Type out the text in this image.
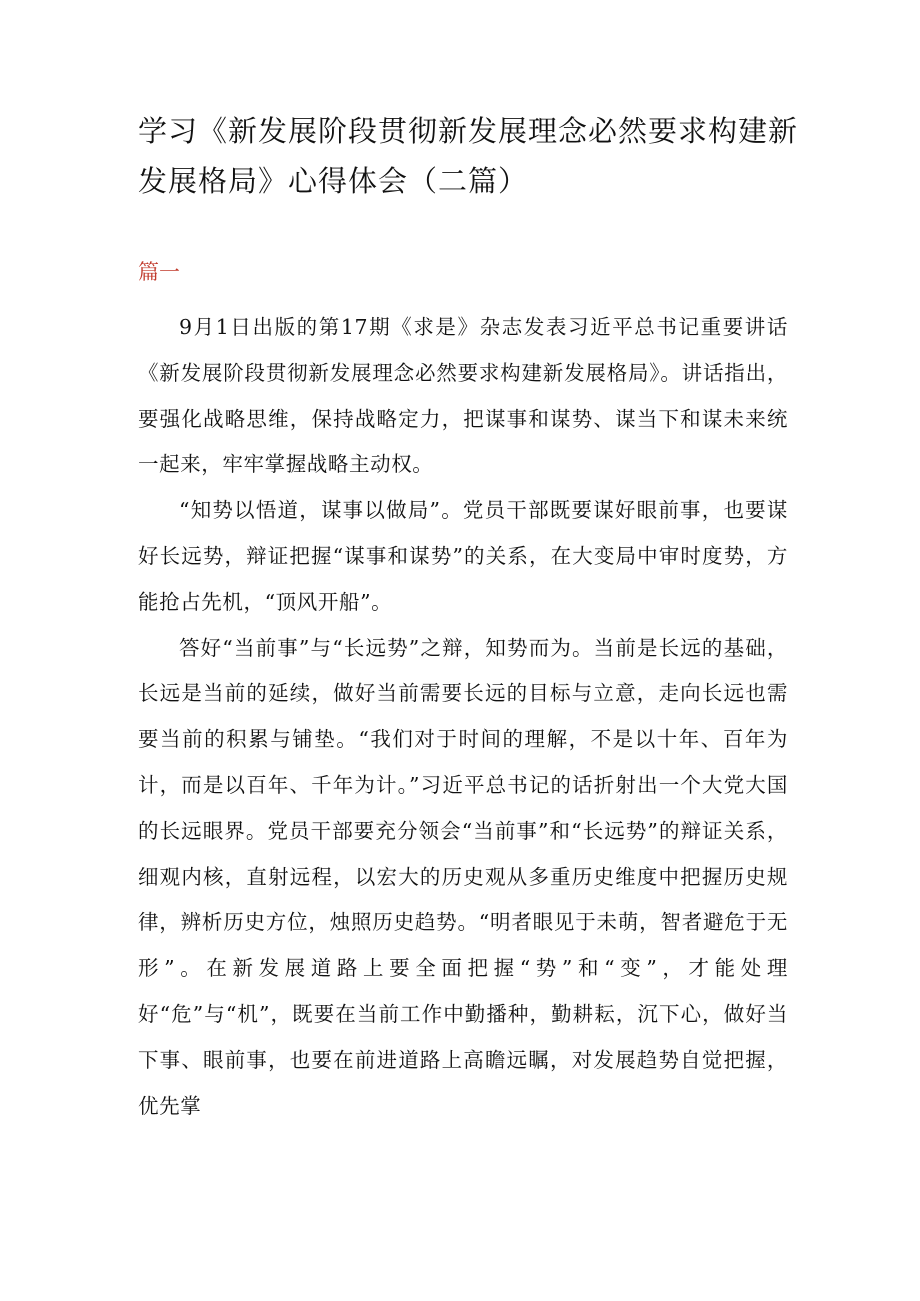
学习《新发展阶段贯彻新发展理念必然要求构建新发展格局》心得体会（二篇）
篇一

9月1日出版的第17期《求是》杂志发表习近平总书记重要讲话《新发展阶段贯彻新发展理念必然要求构建新发展格局》。讲话指出，要强化战略思维，保持战略定力，把谋事和谋势、谋当下和谋未来统一起来，牢牢掌握战略主动权。

“知势以悟道，谋事以做局”。党员干部既要谋好眼前事，也要谋好长远势，辩证把握“谋事和谋势”的关系，在大变局中审时度势，方能抢占先机，“顶风开船”。

答好“当前事”与“长远势”之辩，知势而为。当前是长远的基础，长远是当前的延续，做好当前需要长远的目标与立意，走向长远也需要当前的积累与铺垫。“我们对于时间的理解，不是以十年、百年为计，而是以百年、千年为计。”习近平总书记的话折射出一个大党大国的长远眼界。党员干部要充分领会“当前事”和“长远势”的辩证关系，细观内核，直射远程，以宏大的历史观从多重历史维度中把握历史规律，辨析历史方位，烛照历史趋势。“明者眼见于未萌，智者避危于无形”。在新发展道路上要全面把握“势”和“变”，才能处理好“危”与“机”，既要在当前工作中勤播种，勤耕耘，沉下心，做好当下事、眼前事，也要在前进道路上高瞻远瞩，对发展趋势自觉把握，优先掌
